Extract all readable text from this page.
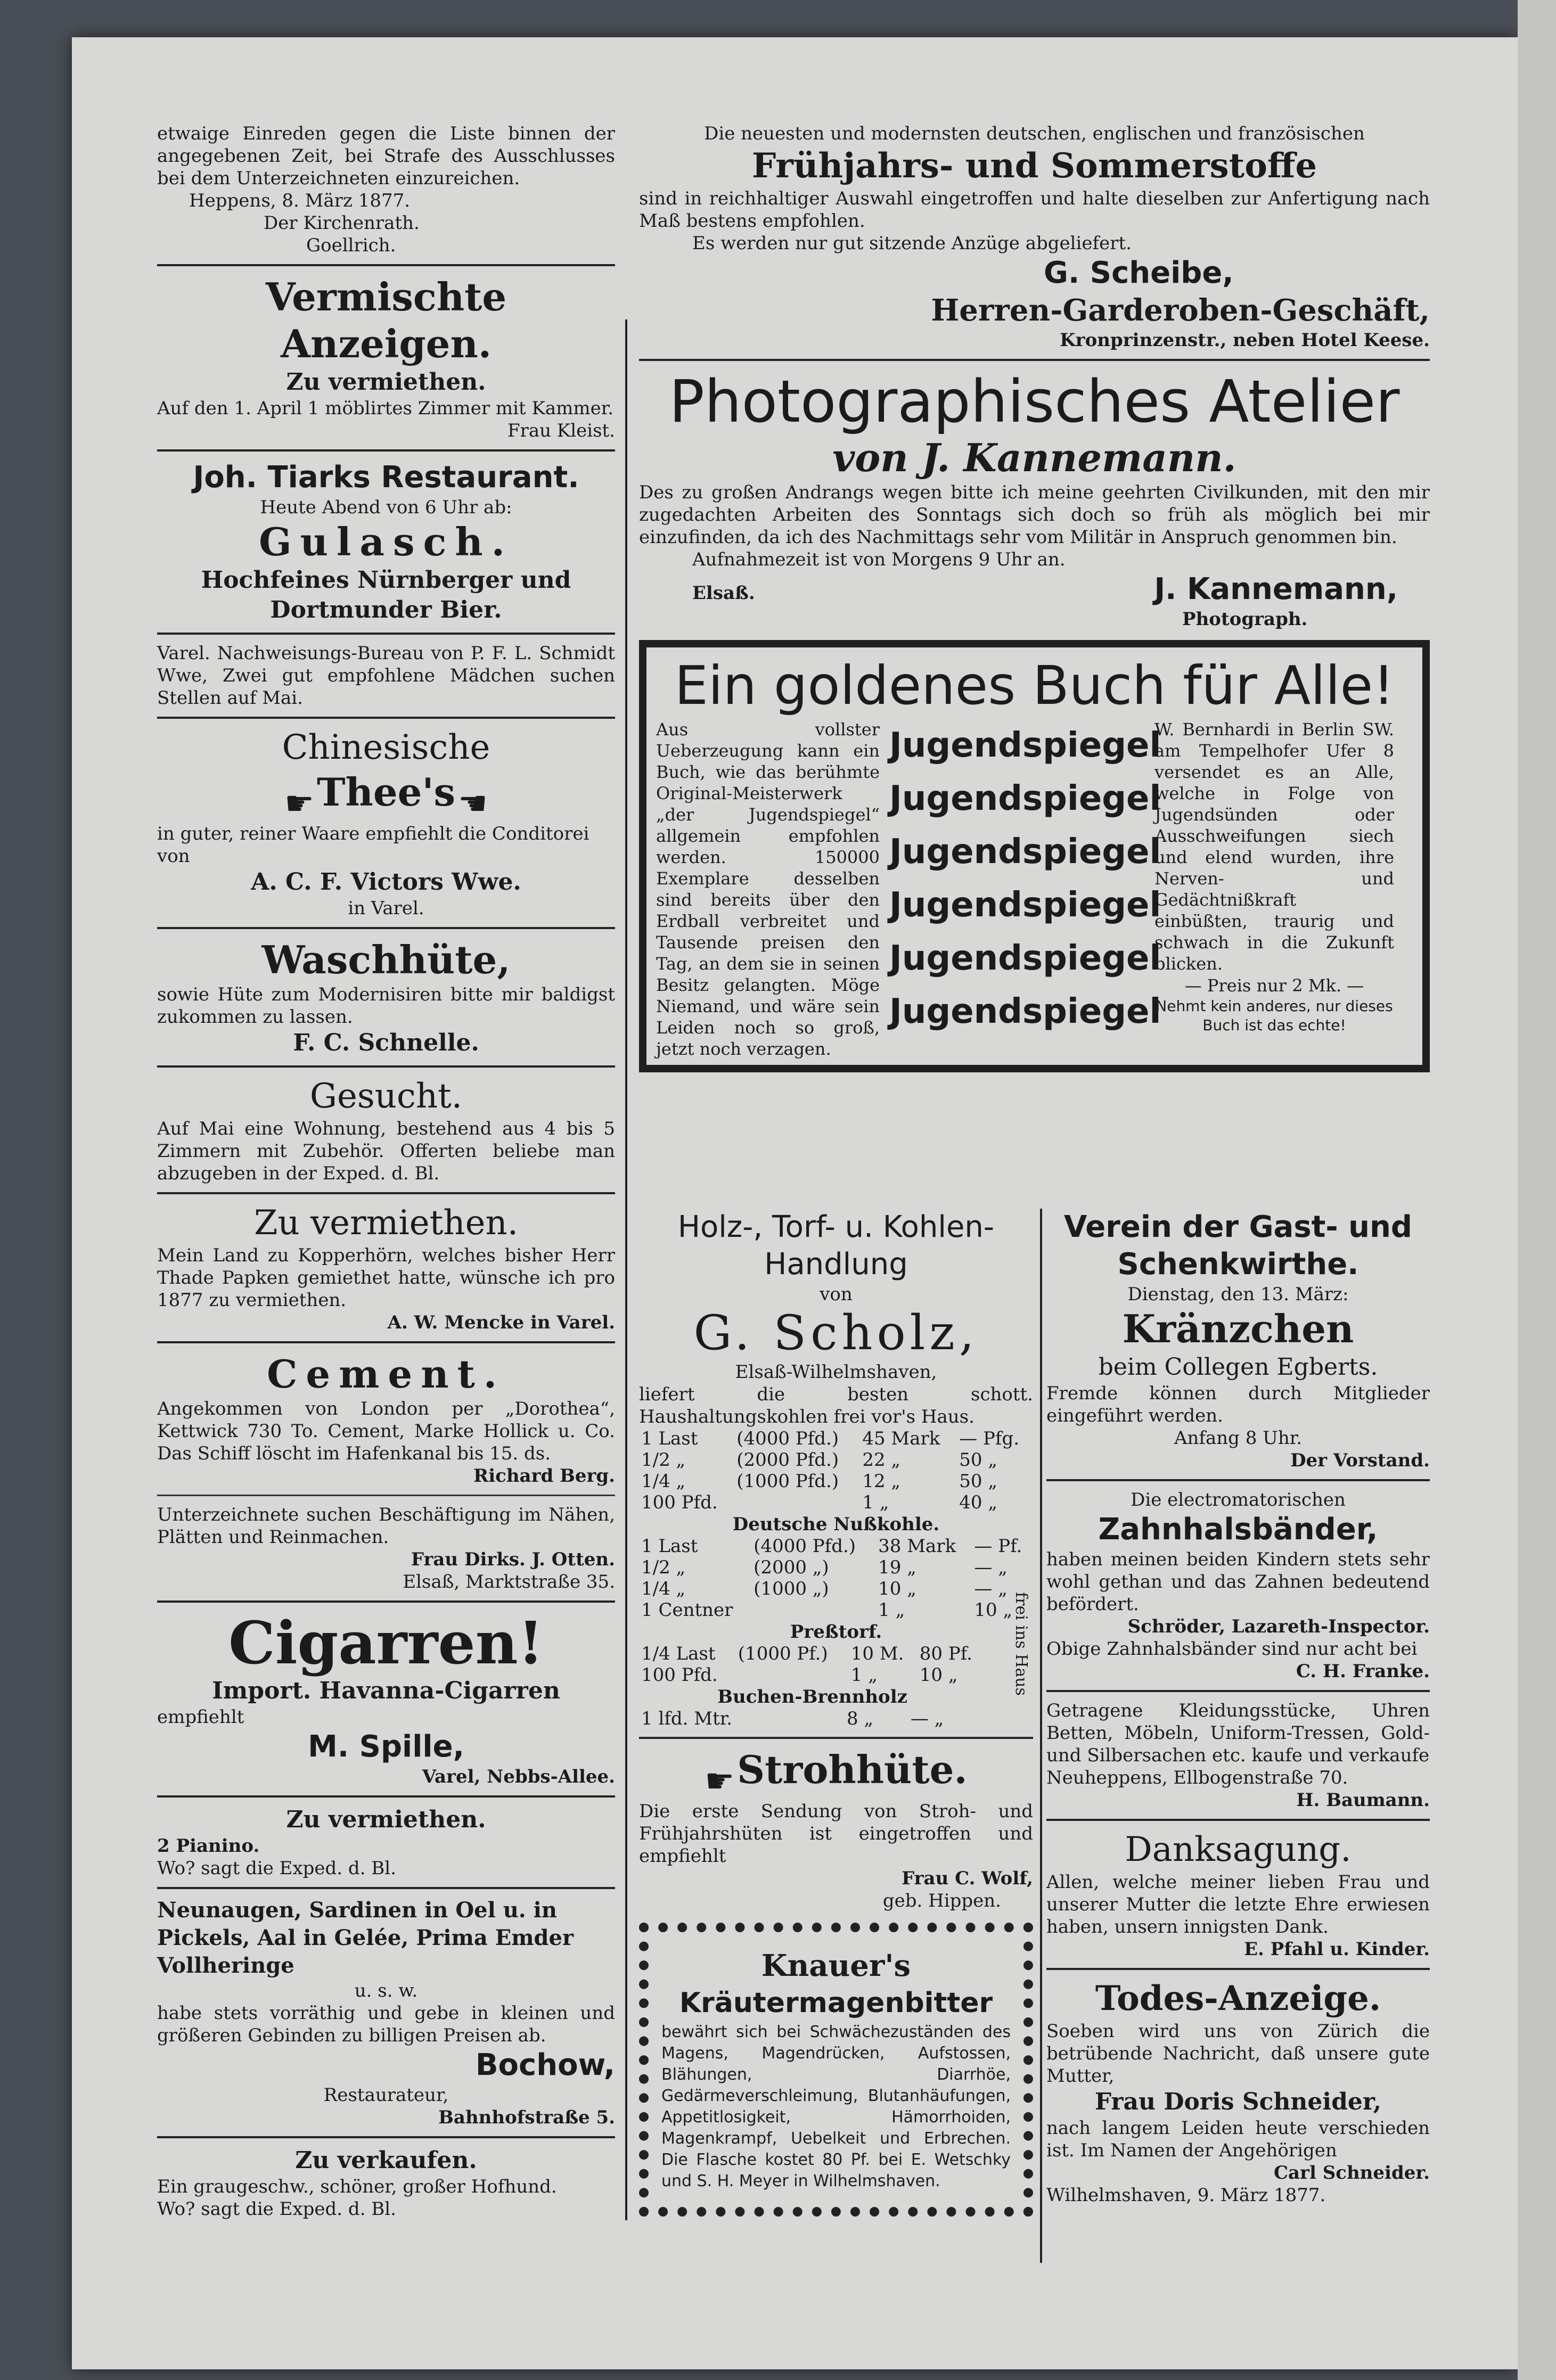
etwaige Einreden gegen die Liste binnen der angegebenen Zeit, bei Strafe des Ausschlusses bei dem Unterzeichneten einzureichen.

Heppens, 8. März 1877.

Der Kirchenrath.

Goellrich.

Vermischte Anzeigen.

Zu vermiethen.

Auf den 1. April 1 möblirtes Zimmer mit Kammer.

Frau Kleist.

Joh. Tiarks Restaurant.

Heute Abend von 6 Uhr ab:

Gulasch.

Hochfeines Nürnberger und Dortmunder Bier.

Varel. Nachweisungs-Bureau von P. F. L. Schmidt Wwe, Zwei gut empfohlene Mädchen suchen Stellen auf Mai.

Chinesische

☛ Thee's ☚

in guter, reiner Waare empfiehlt die Conditorei von

A. C. F. Victors Wwe.

in Varel.

Waschhüte,

sowie Hüte zum Modernisiren bitte mir baldigst zukommen zu lassen.

F. C. Schnelle.

Gesucht.

Auf Mai eine Wohnung, bestehend aus 4 bis 5 Zimmern mit Zubehör. Offerten beliebe man abzugeben in der Exped. d. Bl.

Zu vermiethen.

Mein Land zu Kopperhörn, welches bisher Herr Thade Papken gemiethet hatte, wünsche ich pro 1877 zu vermiethen.

A. W. Mencke in Varel.

Cement.

Angekommen von London per „Dorothea“, Kettwick 730 To. Cement, Marke Hollick u. Co. Das Schiff löscht im Hafenkanal bis 15. ds.

Richard Berg.

Unterzeichnete suchen Beschäftigung im Nähen, Plätten und Reinmachen.

Frau Dirks. J. Otten.

Elsaß, Marktstraße 35.

Cigarren!

Import. Havanna-Cigarren

empfiehlt

M. Spille,

Varel, Nebbs-Allee.

Zu vermiethen.

2 Pianino.

Wo? sagt die Exped. d. Bl.

Neunaugen, Sardinen in Oel u. in Pickels, Aal in Gelée, Prima Emder Vollheringe

u. s. w.

habe stets vorräthig und gebe in kleinen und größeren Gebinden zu billigen Preisen ab.

Bochow,

Restaurateur,

Bahnhofstraße 5.

Zu verkaufen.

Ein graugeschw., schöner, großer Hofhund.

Wo? sagt die Exped. d. Bl.

Die neuesten und modernsten deutschen, englischen und französischen

Frühjahrs- und Sommerstoffe

sind in reichhaltiger Auswahl eingetroffen und halte dieselben zur Anfertigung nach Maß bestens empfohlen.

Es werden nur gut sitzende Anzüge abgeliefert.

G. Scheibe,

Herren-Garderoben-Geschäft,

Kronprinzenstr., neben Hotel Keese.

Photographisches Atelier

von J. Kannemann.

Des zu großen Andrangs wegen bitte ich meine geehrten Civilkunden, mit den mir zugedachten Arbeiten des Sonntags sich doch so früh als möglich bei mir einzufinden, da ich des Nachmittags sehr vom Militär in Anspruch genommen bin.

Aufnahmezeit ist von Morgens 9 Uhr an.

Elsaß.	J. Kannemann,

Photograph.

Ein goldenes Buch für Alle!

Aus vollster Ueberzeugung kann ein Buch, wie das berühmte Original-Meisterwerk „der Jugendspiegel“ allgemein empfohlen werden. 150000 Exemplare desselben sind bereits über den Erdball verbreitet und Tausende preisen den Tag, an dem sie in seinen Besitz gelangten. Möge Niemand, und wäre sein Leiden noch so groß, jetzt noch verzagen.

Jugendspiegel

Jugendspiegel

Jugendspiegel

Jugendspiegel

Jugendspiegel

Jugendspiegel

W. Bernhardi in Berlin SW. am Tempelhofer Ufer 8 versendet es an Alle, welche in Folge von Jugendsünden oder Ausschweifungen siech und elend wurden, ihre Nerven- und Gedächtnißkraft einbüßten, traurig und schwach in die Zukunft blicken.

— Preis nur 2 Mk. —

Nehmt kein anderes, nur dieses Buch ist das echte!

Holz-, Torf- u. Kohlen-Handlung

von

G. Scholz,

Elsaß-Wilhelmshaven,

liefert die besten schott. Haushaltungskohlen frei vor's Haus.

1 Last	(4000 Pfd.)	45 Mark	— Pfg.
1/2 „	(2000 Pfd.)	22 „	50 „
1/4 „	(1000 Pfd.)	12 „	50 „
100 Pfd.		1 „	40 „

Deutsche Nußkohle.

1 Last	(4000 Pfd.)	38 Mark	— Pf.
1/2 „	(2000 „)	19 „	— „
1/4 „	(1000 „)	10 „	— „
1 Centner		1 „	10 „

Preßtorf.

1/4 Last	(1000 Pf.)	10 M.	80 Pf.
100 Pfd.		1 „	10 „

Buchen-Brennholz

1 lfd. Mtr.		8 „	— „

☛ Strohhüte.

Die erste Sendung von Stroh- und Frühjahrshüten ist eingetroffen und empfiehlt

Frau C. Wolf,

geb. Hippen.

Knauer's

Kräutermagenbitter

bewährt sich bei Schwächezuständen des Magens, Magendrücken, Aufstossen, Blähungen, Diarrhöe, Gedärmeverschleimung, Blutanhäufungen, Appetitlosigkeit, Hämorrhoiden, Magenkrampf, Uebelkeit und Erbrechen. Die Flasche kostet 80 Pf. bei E. Wetschky und S. H. Meyer in Wilhelmshaven.

frei ins Haus

Verein der Gast- und Schenkwirthe.

Dienstag, den 13. März:

Kränzchen

beim Collegen Egberts.

Fremde können durch Mitglieder eingeführt werden.

Anfang 8 Uhr.

Der Vorstand.

Die electromatorischen

Zahnhalsbänder,

haben meinen beiden Kindern stets sehr wohl gethan und das Zahnen bedeutend befördert.

Schröder, Lazareth-Inspector.

Obige Zahnhalsbänder sind nur acht bei

C. H. Franke.

Getragene Kleidungsstücke, Uhren Betten, Möbeln, Uniform-Tressen, Gold- und Silbersachen etc. kaufe und verkaufe

Neuheppens, Ellbogenstraße 70.

H. Baumann.

Danksagung.

Allen, welche meiner lieben Frau und unserer Mutter die letzte Ehre erwiesen haben, unsern innigsten Dank.

E. Pfahl u. Kinder.

Todes-Anzeige.

Soeben wird uns von Zürich die betrübende Nachricht, daß unsere gute Mutter,

Frau Doris Schneider,

nach langem Leiden heute verschieden ist. Im Namen der Angehörigen

Carl Schneider.

Wilhelmshaven, 9. März 1877.
